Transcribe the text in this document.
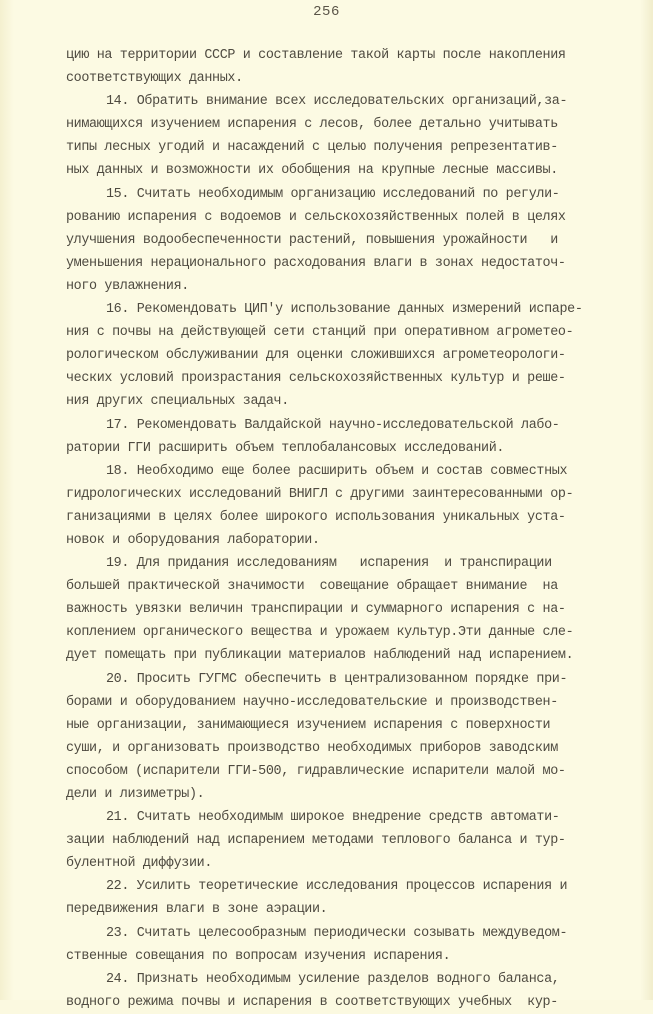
256
цию на территории СССР и составление такой карты после накопления
соответствующих данных.
14. Обратить внимание всех исследовательских организаций,за-
нимающихся изучением испарения с лесов, более детально учитывать
типы лесных угодий и насаждений с целью получения репрезентатив-
ных данных и возможности их обобщения на крупные лесные массивы.
15. Считать необходимым организацию исследований по регули-
рованию испарения с водоемов и сельскохозяйственных полей в целях
улучшения водообеспеченности растений, повышения урожайности   и
уменьшения нерационального расходования влаги в зонах недостаточ-
ного увлажнения.
16. Рекомендовать ЦИП'у использование данных измерений испаре-
ния с почвы на действующей сети станций при оперативном агрометео-
рологическом обслуживании для оценки сложившихся агрометеорологи-
ческих условий произрастания сельскохозяйственных культур и реше-
ния других специальных задач.
17. Рекомендовать Валдайской научно-исследовательской лабо-
ратории ГГИ расширить объем теплобалансовых исследований.
18. Необходимо еще более расширить объем и состав совместных
гидрологических исследований ВНИГЛ с другими заинтересованными ор-
ганизациями в целях более широкого использования уникальных уста-
новок и оборудования лаборатории.
19. Для придания исследованиям   испарения  и транспирации
большей практической значимости  совещание обращает внимание  на
важность увязки величин транспирации и суммарного испарения с на-
коплением органического вещества и урожаем культур.Эти данные сле-
дует помещать при публикации материалов наблюдений над испарением.
20. Просить ГУГМС обеспечить в централизованном порядке при-
борами и оборудованием научно-исследовательские и производствен-
ные организации, занимающиеся изучением испарения с поверхности
суши, и организовать производство необходимых приборов заводским
способом (испарители ГГИ-500, гидравлические испарители малой мо-
дели и лизиметры).
21. Считать необходимым широкое внедрение средств автомати-
зации наблюдений над испарением методами теплового баланса и тур-
булентной диффузии.
22. Усилить теоретические исследования процессов испарения и
передвижения влаги в зоне аэрации.
23. Считать целесообразным периодически созывать междуведом-
ственные совещания по вопросам изучения испарения.
24. Признать необходимым усиление разделов водного баланса,
водного режима почвы и испарения в соответствующих учебных  кур-
